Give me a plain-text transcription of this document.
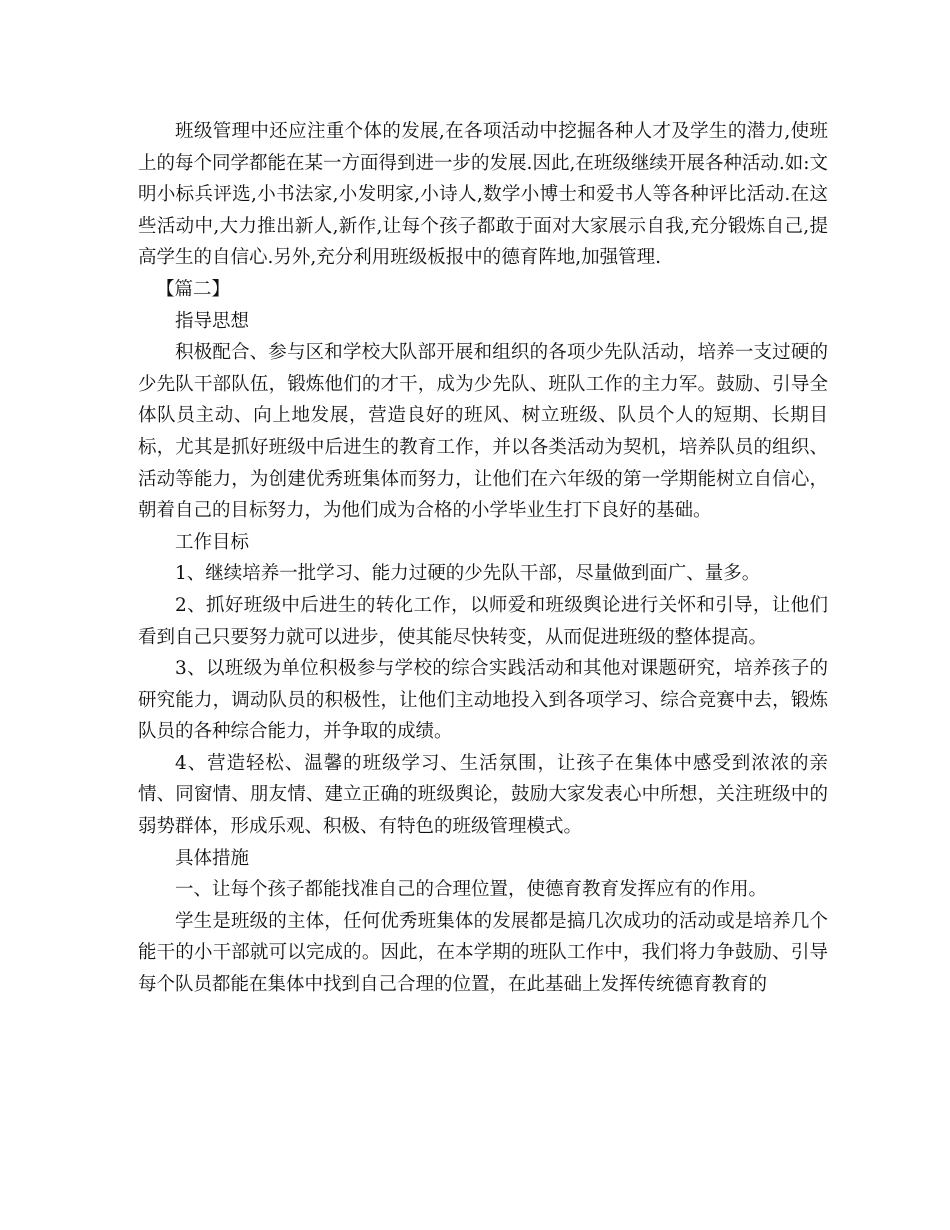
班级管理中还应注重个体的发展,在各项活动中挖掘各种人才及学生的潜力,使班上的每个同学都能在某一方面得到进一步的发展.因此,在班级继续开展各种活动.如:文明小标兵评选,小书法家,小发明家,小诗人,数学小博士和爱书人等各种评比活动.在这些活动中,大力推出新人,新作,让每个孩子都敢于面对大家展示自我,充分锻炼自己,提高学生的自信心.另外,充分利用班级板报中的德育阵地,加强管理.

【篇二】

指导思想

积极配合、参与区和学校大队部开展和组织的各项少先队活动，培养一支过硬的少先队干部队伍，锻炼他们的才干，成为少先队、班队工作的主力军。鼓励、引导全体队员主动、向上地发展，营造良好的班风、树立班级、队员个人的短期、长期目标，尤其是抓好班级中后进生的教育工作，并以各类活动为契机，培养队员的组织、活动等能力，为创建优秀班集体而努力，让他们在六年级的第一学期能树立自信心，朝着自己的目标努力，为他们成为合格的小学毕业生打下良好的基础。

工作目标

1、继续培养一批学习、能力过硬的少先队干部，尽量做到面广、量多。

2、抓好班级中后进生的转化工作，以师爱和班级舆论进行关怀和引导，让他们看到自己只要努力就可以进步，使其能尽快转变，从而促进班级的整体提高。

3、以班级为单位积极参与学校的综合实践活动和其他对课题研究，培养孩子的研究能力，调动队员的积极性，让他们主动地投入到各项学习、综合竞赛中去，锻炼队员的各种综合能力，并争取的成绩。

4、营造轻松、温馨的班级学习、生活氛围，让孩子在集体中感受到浓浓的亲情、同窗情、朋友情、建立正确的班级舆论，鼓励大家发表心中所想，关注班级中的弱势群体，形成乐观、积极、有特色的班级管理模式。

具体措施

一、让每个孩子都能找准自己的合理位置，使德育教育发挥应有的作用。

学生是班级的主体，任何优秀班集体的发展都是搞几次成功的活动或是培养几个能干的小干部就可以完成的。因此，在本学期的班队工作中，我们将力争鼓励、引导每个队员都能在集体中找到自己合理的位置，在此基础上发挥传统德育教育的
